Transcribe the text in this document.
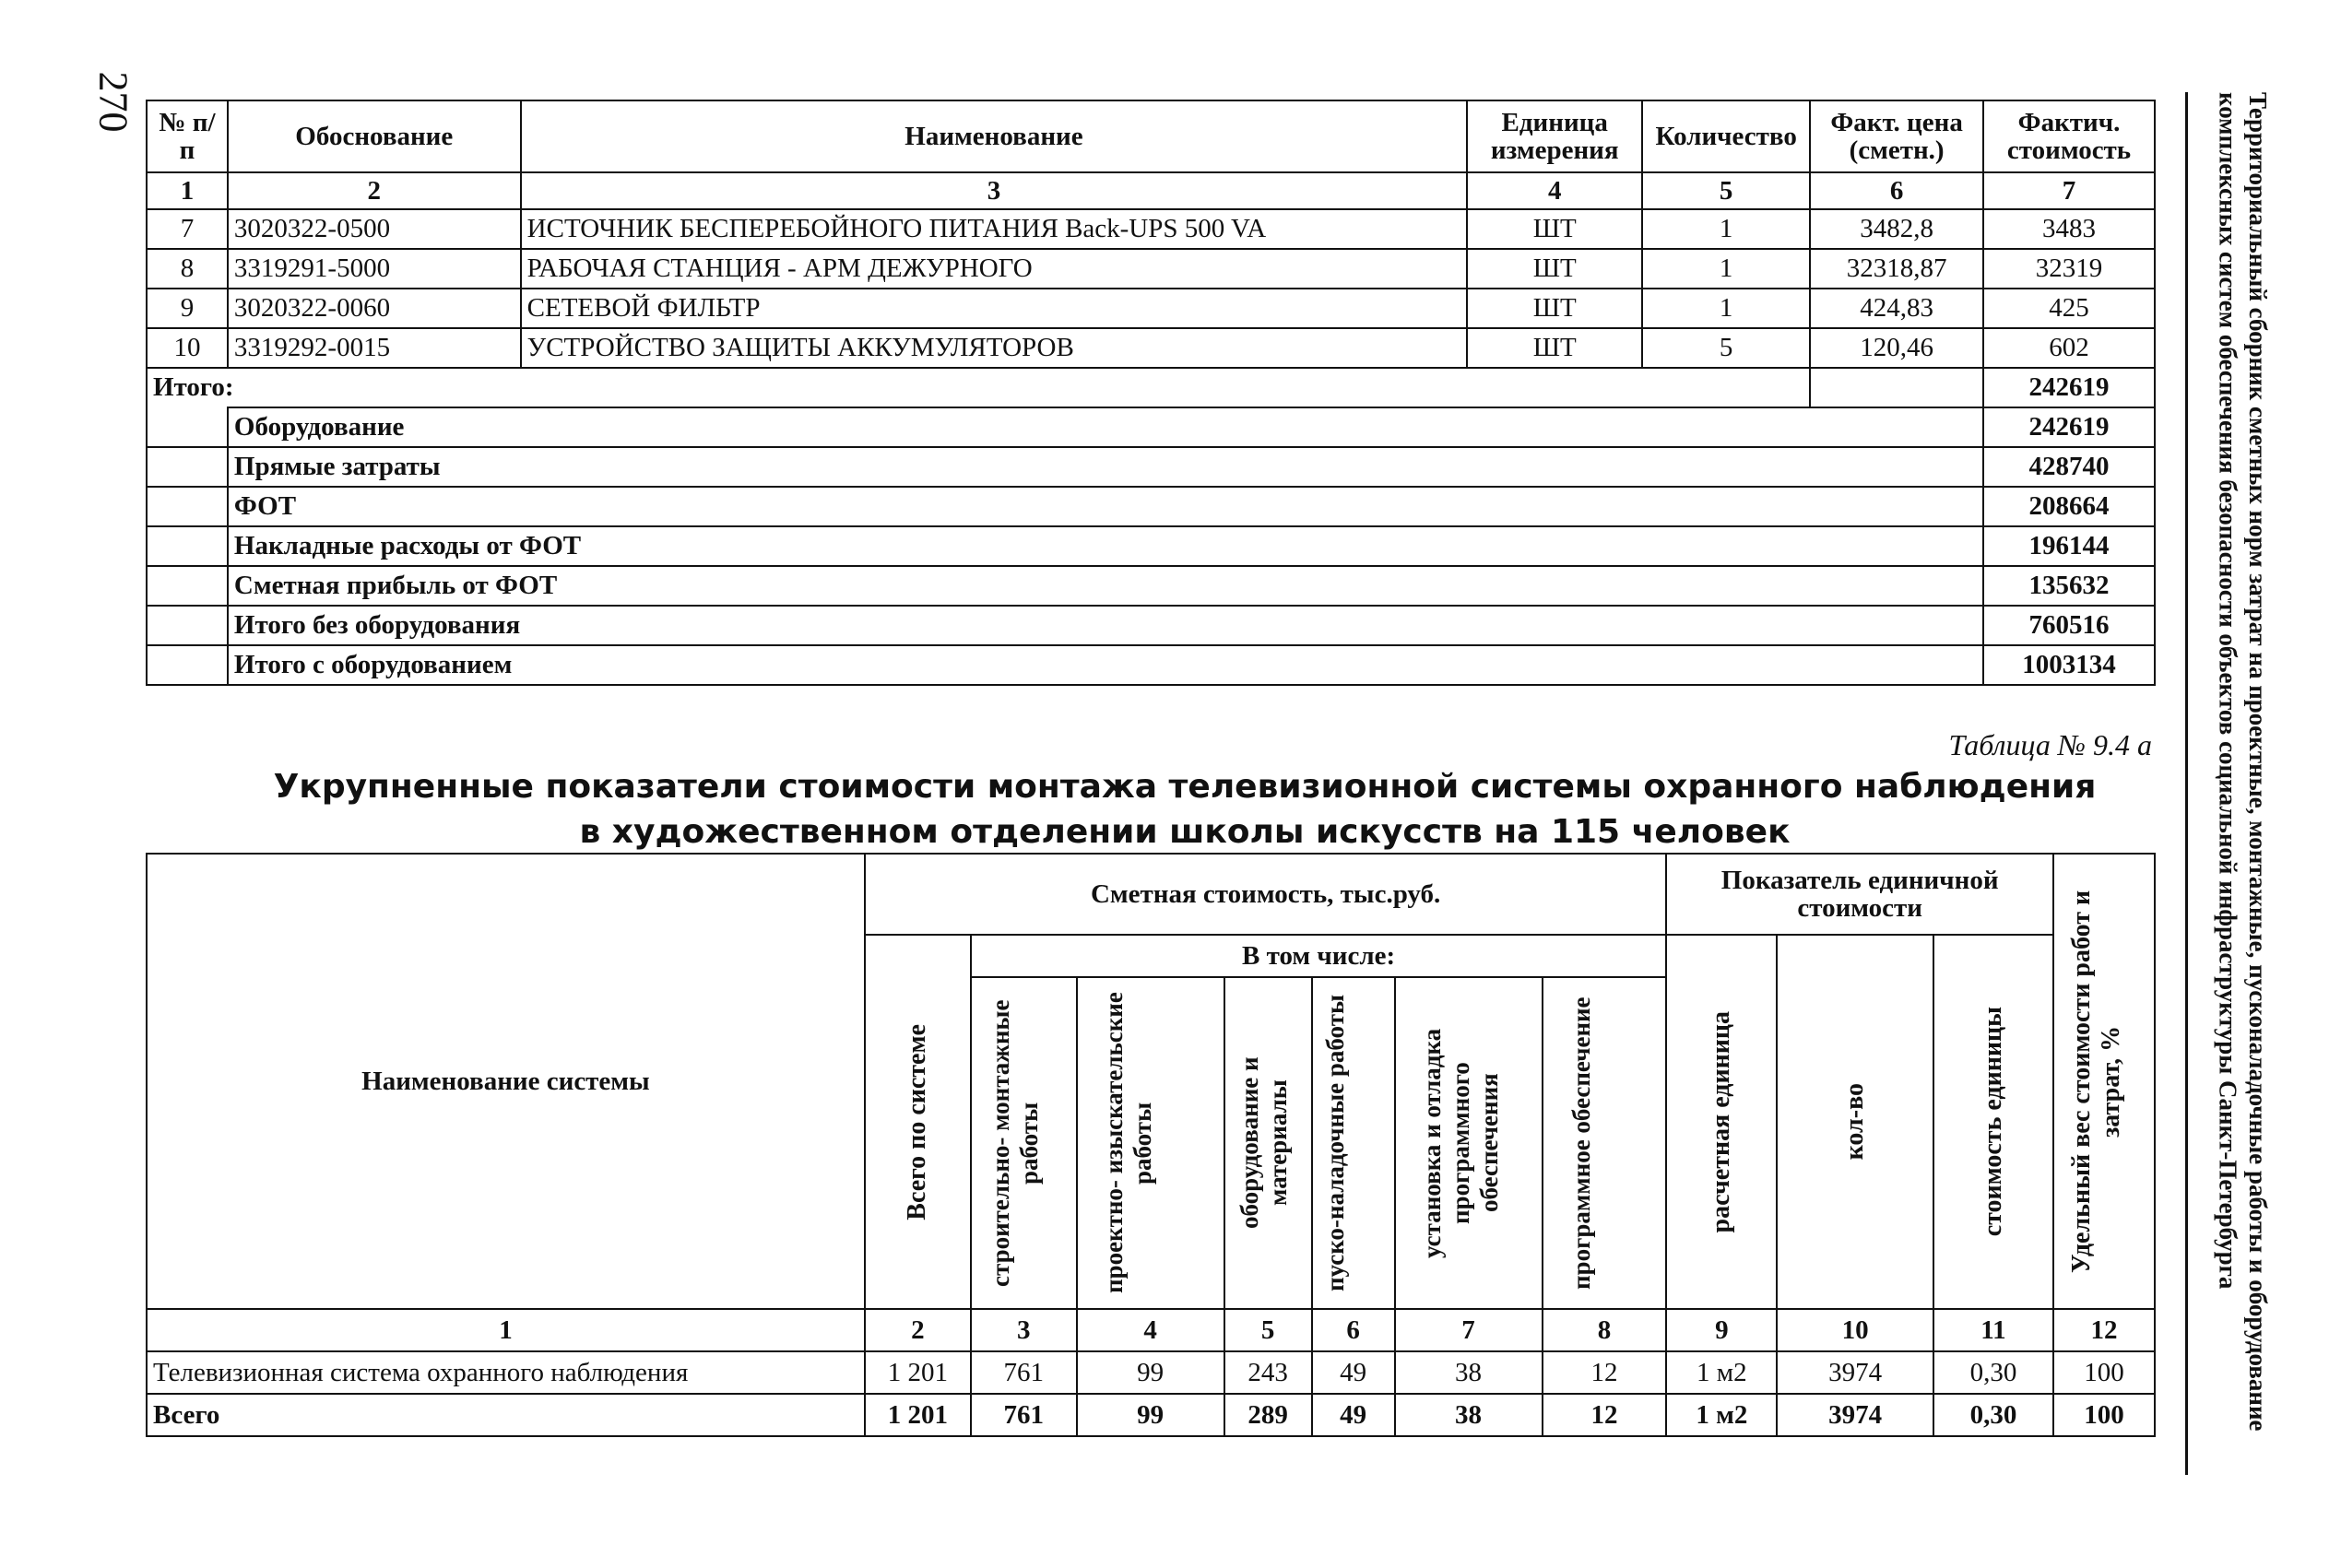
270	Территориальный сборник сметных норм затрат на проектные, монтажные, пусконаладочные работы и оборудование комплексных систем обеспечения безопасности объектов социальной инфраструктуры Санкт-Петербурга
№ п/п	Обоснование	Наименование	Единица измерения	Количество	Факт. цена (сметн.)	Фактич. стоимость
1	2	3	4	5	6	7
7	3020322-0500	ИСТОЧНИК БЕСПЕРЕБОЙНОГО ПИТАНИЯ Back-UPS 500 VA	ШТ	1	3482,8	3483
8	3319291-5000	РАБОЧАЯ СТАНЦИЯ - АРМ ДЕЖУРНОГО	ШТ	1	32318,87	32319
9	3020322-0060	СЕТЕВОЙ ФИЛЬТР	ШТ	1	424,83	425
10	3319292-0015	УСТРОЙСТВО ЗАЩИТЫ АККУМУЛЯТОРОВ	ШТ	5	120,46	602
Итого:						242619
	Оборудование					242619
	Прямые затраты					428740
	ФОТ					208664
	Накладные расходы от ФОТ					196144
	Сметная прибыль от ФОТ					135632
	Итого без оборудования					760516
	Итого с оборудованием					1003134
Таблица № 9.4 а
Укрупненные показатели стоимости монтажа телевизионной системы охранного наблюдения
в художественном отделении школы искусств на 115 человек
Наименование системы	Сметная стоимость, тыс.руб.							Показатель единичной стоимости			Удельный вес стоимости работ и затрат, %

	Всего по системе	В том числе:						расчетная единица	кол-во	стоимость единицы	

		строительно- монтажные работы	проектно- изыскательские работы	оборудование и материалы	пуско-наладочные работы	установка и отладка программного обеспечения	программное обеспечение				

1	2	3	4	5	6	7	8	9	10	11	12
Телевизионная система охранного наблюдения	1 201	761	99	243	49	38	12	1 м2	3974	0,30	100
Всего	1 201	761	99	289	49	38	12	1 м2	3974	0,30	100
